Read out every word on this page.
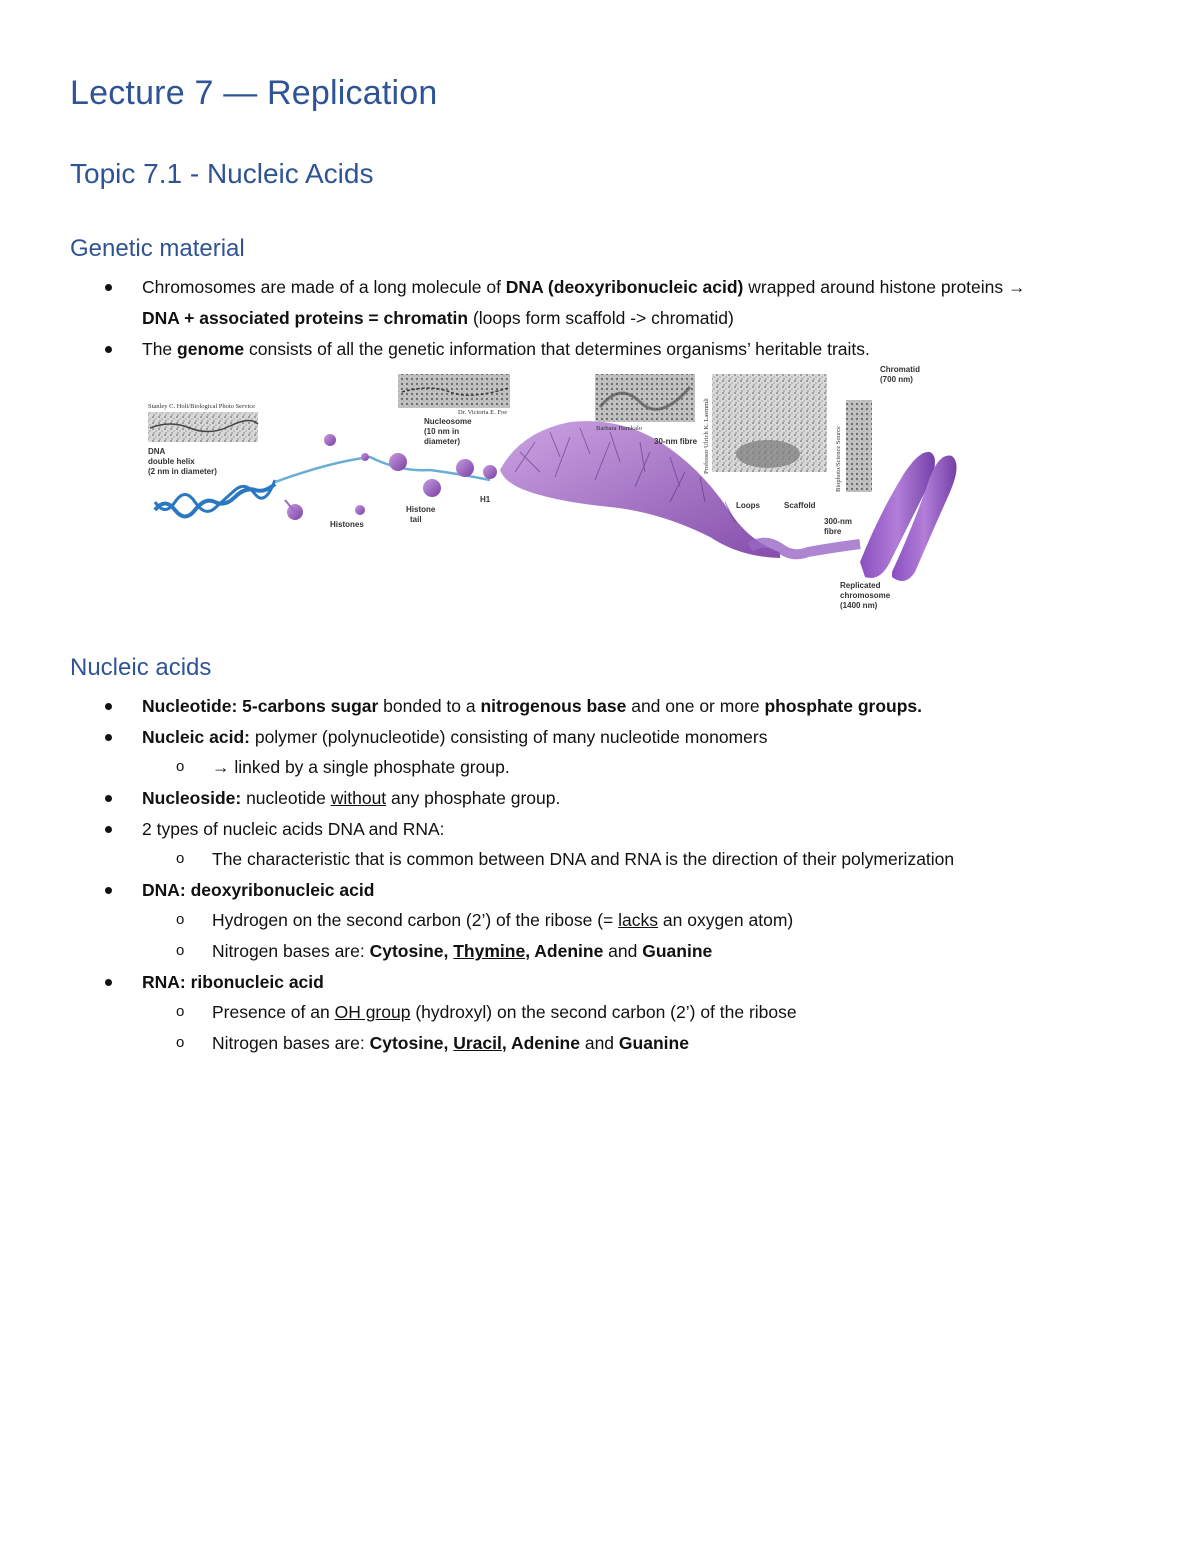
Lecture 7 — Replication
Topic 7.1 - Nucleic Acids
Genetic material
Chromosomes are made of a long molecule of DNA (deoxyribonucleic acid) wrapped around histone proteins →
DNA + associated proteins = chromatin (loops form scaffold -> chromatid)
The genome consists of all the genetic information that determines organisms’ heritable traits.
Stanley C. Holt/Biological Photo Service
DNA
double helix
(2 nm in diameter)
Histones
Dr. Victoria E. Foe
Nucleosome
(10 nm in
diameter)
Histone
tail
H1
Barbara Hamkalo
30-nm fibre Professor Ulrich K. Laemmli
Loops	Scaffold
300-nm
fibre
Biophoto/Science Source
Chromatid
(700 nm)
Replicated
chromosome
(1400 nm)
Nucleic acids
Nucleotide: 5-carbons sugar bonded to a nitrogenous base and one or more phosphate groups.
Nucleic acid: polymer (polynucleotide) consisting of many nucleotide monomers
o → linked by a single phosphate group.
Nucleoside: nucleotide without any phosphate group.
2 types of nucleic acids DNA and RNA:
o The characteristic that is common between DNA and RNA is the direction of their polymerization
DNA: deoxyribonucleic acid
o Hydrogen on the second carbon (2’) of the ribose (= lacks an oxygen atom)
o Nitrogen bases are: Cytosine, Thymine, Adenine and Guanine
RNA: ribonucleic acid
o Presence of an OH group (hydroxyl) on the second carbon (2’) of the ribose
o Nitrogen bases are: Cytosine, Uracil, Adenine and Guanine
